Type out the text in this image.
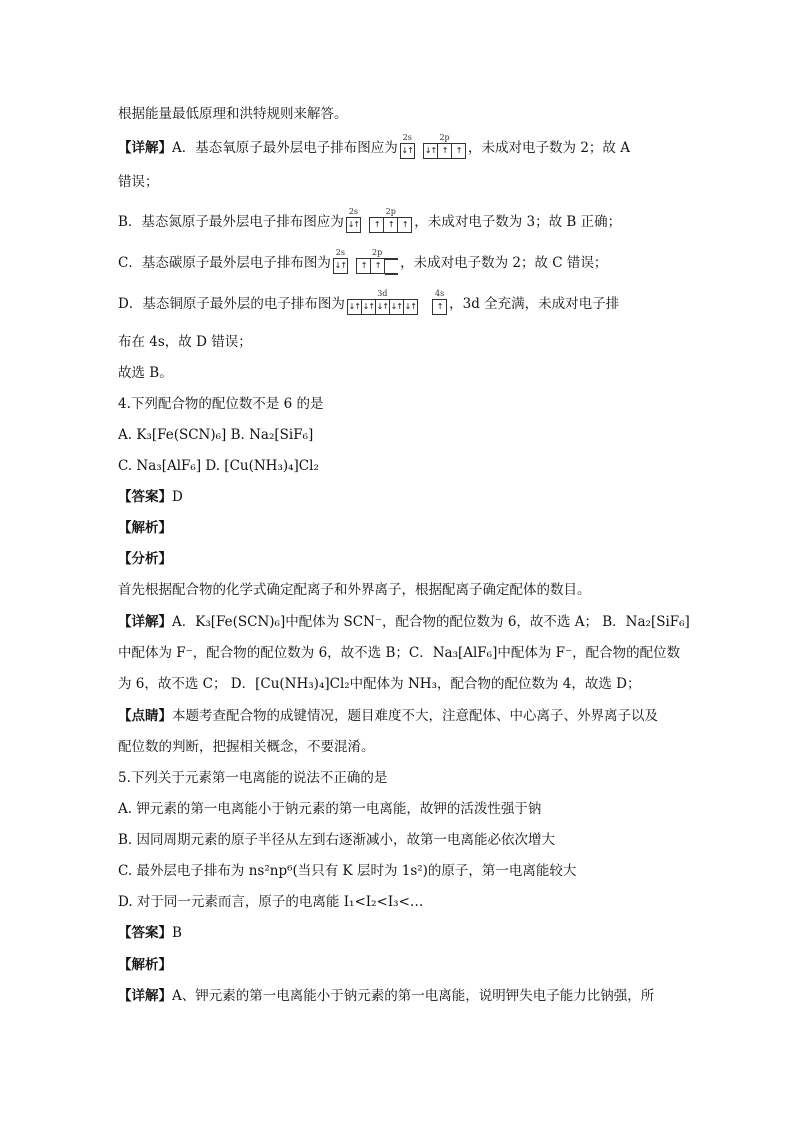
根据能量最低原理和洪特规则来解答。
【详解】A．基态氧原子最外层电子排布图应为
2s
↓↑

2p
↓↑ ↑	↑ ，未成对电子数为 2；故 A
错误；
B．基态氮原子最外层电子排布图应为
2s
↓↑

2p
↑	↑	↑ ，未成对电子数为 3；故 B 正确；
C．基态碳原子最外层电子排布图为
2s
↓↑

2p
↑	↑	，未成对电子数为 2；故 C 错误；
D．基态铜原子最外层的电子排布图为
3d
↓↑ ↓↑ ↓↑ ↓↑ ↓↑

4s
↑ ，3d 全充满，未成对电子排
布在 4s，故 D 错误；
故选 B。
4.下列配合物的配位数不是 6 的是
A. K₃[Fe(SCN)₆] B. Na₂[SiF₆]
C. Na₃[AlF₆] D. [Cu(NH₃)₄]Cl₂
【答案】D
【解析】
【分析】
首先根据配合物的化学式确定配离子和外界离子，根据配离子确定配体的数目。
【详解】A．K₃[Fe(SCN)₆]中配体为 SCN⁻，配合物的配位数为 6，故不选 A； B．Na₂[SiF₆]
中配体为 F⁻，配合物的配位数为 6，故不选 B；C．Na₃[AlF₆]中配体为 F⁻，配合物的配位数
为 6，故不选 C； D．[Cu(NH₃)₄]Cl₂中配体为 NH₃，配合物的配位数为 4，故选 D；
【点睛】本题考查配合物的成键情况，题目难度不大，注意配体、中心离子、外界离子以及
配位数的判断，把握相关概念，不要混淆。
5.下列关于元素第一电离能的说法不正确的是
A. 钾元素的第一电离能小于钠元素的第一电离能，故钾的活泼性强于钠
B. 因同周期元素的原子半径从左到右逐渐减小，故第一电离能必依次增大
C. 最外层电子排布为 ns²np⁶(当只有 K 层时为 1s²)的原子，第一电离能较大
D. 对于同一元素而言，原子的电离能 I₁<I₂<I₃<…
【答案】B
【解析】
【详解】A、钾元素的第一电离能小于钠元素的第一电离能，说明钾失电子能力比钠强，所
